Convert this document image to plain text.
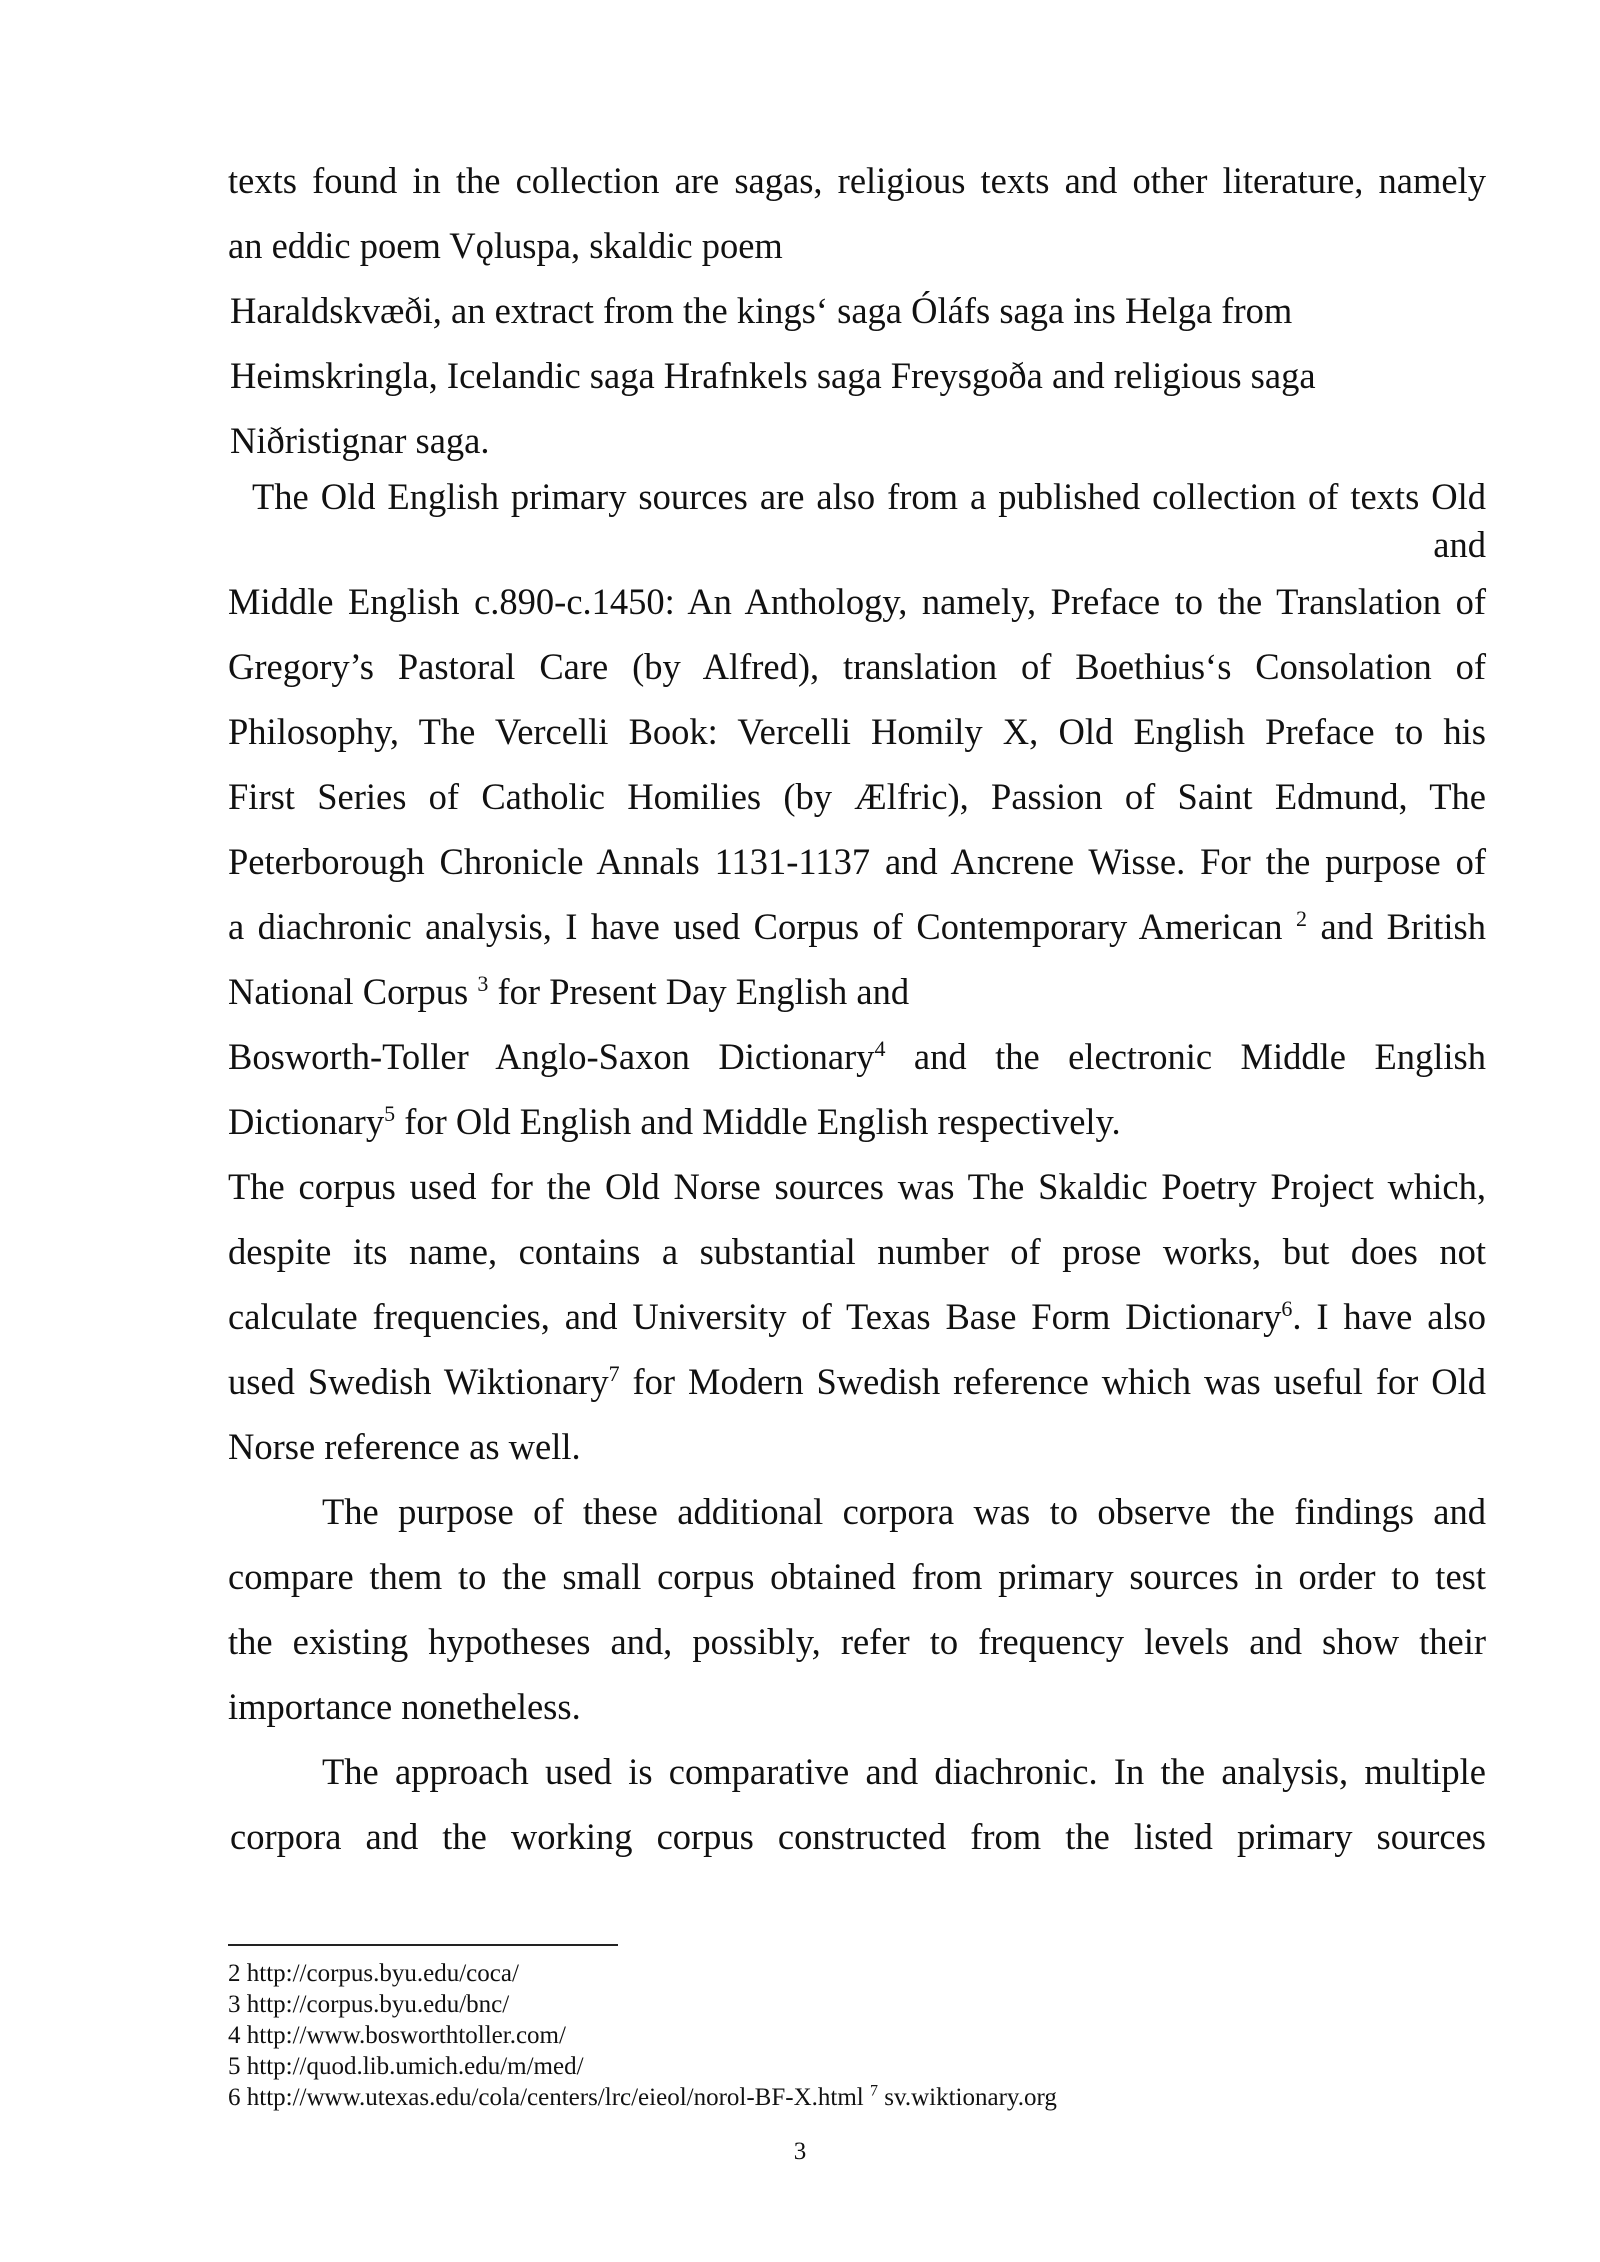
texts found in the collection are sagas, religious texts and other literature, namely
an eddic poem Vǫluspa, skaldic poem
Haraldskvæði, an extract from the kings‘ saga Óláfs saga ins Helga from
Heimskringla, Icelandic saga Hrafnkels saga Freysgoða and religious saga
Niðristignar saga.
The Old English primary sources are also from a published collection of texts Old
and
Middle English c.890-c.1450: An Anthology, namely, Preface to the Translation of
Gregory’s Pastoral Care (by Alfred), translation of Boethius‘s Consolation of
Philosophy, The Vercelli Book: Vercelli Homily X, Old English Preface to his
First Series of Catholic Homilies (by Ælfric), Passion of Saint Edmund, The
Peterborough Chronicle Annals 1131-1137 and Ancrene Wisse. For the purpose of
a diachronic analysis, I have used Corpus of Contemporary American $^2$ and British
National Corpus $^3$ for Present Day English and
Bosworth-Toller Anglo-Saxon Dictionary$^4$ and the electronic Middle English
Dictionary$^5$ for Old English and Middle English respectively.
The corpus used for the Old Norse sources was The Skaldic Poetry Project which,
despite its name, contains a substantial number of prose works, but does not
calculate frequencies, and University of Texas Base Form Dictionary$^6$. I have also
used Swedish Wiktionary$^7$ for Modern Swedish reference which was useful for Old
Norse reference as well.
The purpose of these additional corpora was to observe the findings and
compare them to the small corpus obtained from primary sources in order to test
the existing hypotheses and, possibly, refer to frequency levels and show their
importance nonetheless.
The approach used is comparative and diachronic. In the analysis, multiple
corpora and the working corpus constructed from the listed primary sources
2 http://corpus.byu.edu/coca/
3 http://corpus.byu.edu/bnc/
4 http://www.bosworthtoller.com/
5 http://quod.lib.umich.edu/m/med/
6 http://www.utexas.edu/cola/centers/lrc/eieol/norol-BF-X.html $^7$ sv.wiktionary.org
3
